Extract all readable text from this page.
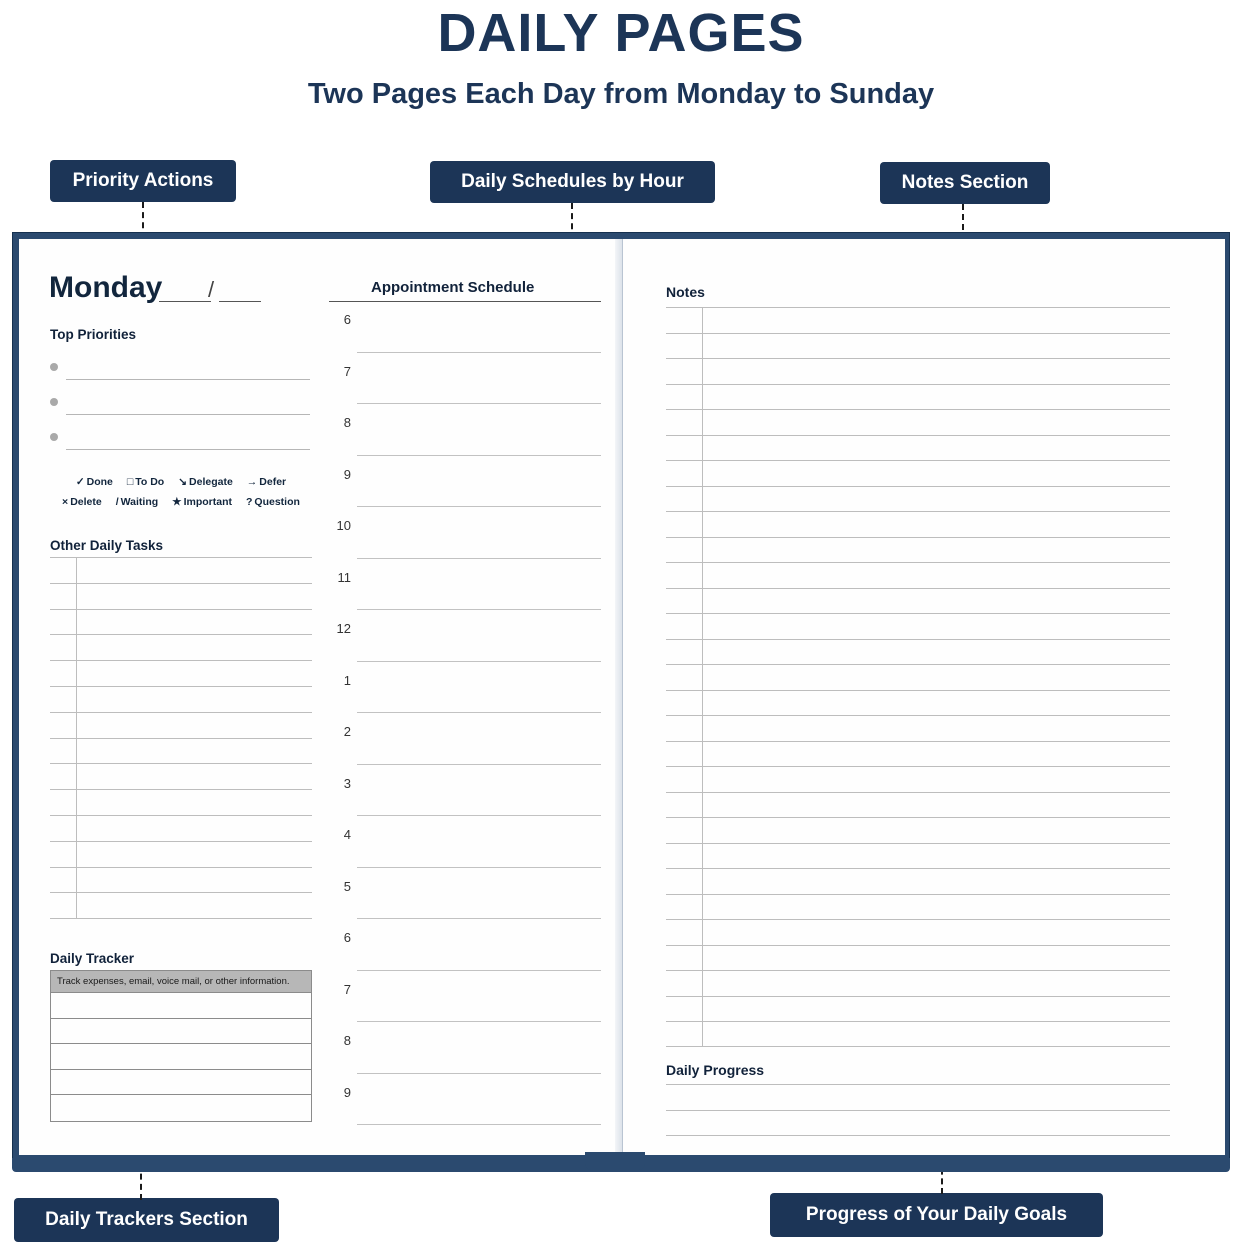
DAILY PAGES
Two Pages Each Day from Monday to Sunday
Priority Actions	Daily Schedules by Hour	Notes Section
Daily Trackers Section	Progress of Your Daily Goals
Monday /
Top Priorities
✓ Done □ To Do ↘ Delegate → Defer
× Delete / Waiting ★ Important ? Question
Other Daily Tasks
Daily Tracker
Track expenses, email, voice mail, or other information.
Appointment Schedule
6
7
8
9
10
11
12
1
2
3
4
5
6
7
8
9
Notes
Daily Progress
